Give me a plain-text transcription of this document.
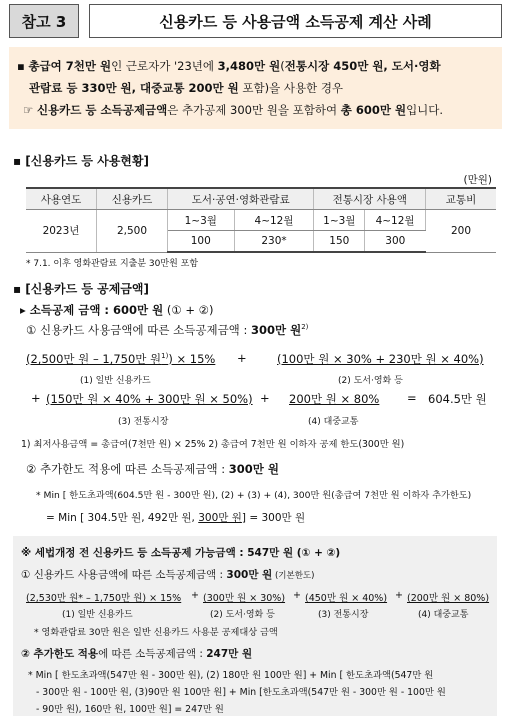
참고 3	신용카드 등 사용금액 소득공제 계산 사례
▪ 총급여 7천만 원인 근로자가 '23년에 3,480만 원(전통시장 450만 원, 도서·영화
관람료 등 330만 원, 대중교통 200만 원 포함)을 사용한 경우
☞ 신용카드 등 소득공제금액은 추가공제 300만 원을 포함하여 총 600만 원입니다.
▪ [신용카드 등 사용현황]
(만원)
사용연도	신용카드	도서·공연·영화관람료		전통시장 사용액		교통비
2023년	2,500	1~3월	4~12월	1~3월	4~12월	200
		100	230*	150	300	
* 7.1. 이후 영화관람료 지출분 30만원 포함
▪ [신용카드 등 공제금액]
▸ 소득공제 금액 : 600만 원 (① + ②)
① 신용카드 사용금액에 따른 소득공제금액 : 300만 원$^{2)}$
(2,500만 원 – 1,750만 원$^{1)}$) × 15% +	(100만 원 × 30% + 230만 원 × 40%)
(1) 일반 신용카드	(2) 도서·영화 등
+ (150만 원 × 40% + 300만 원 × 50%) + 200만 원 × 80% = 604.5만 원
(3) 전통시장	(4) 대중교통
1) 최저사용금액 = 총급여(7천만 원) × 25% 2) 총급여 7천만 원 이하자 공제 한도(300만 원)
② 추가한도 적용에 따른 소득공제금액 : 300만 원
* Min [ 한도초과액(604.5만 원 - 300만 원), (2) + (3) + (4), 300만 원(총급여 7천만 원 이하자 추가한도)
= Min [ 304.5만 원, 492만 원, 300만 원] = 300만 원
※ 세법개정 전 신용카드 등 소득공제 가능금액 : 547만 원 (① + ②)
① 신용카드 사용금액에 따른 소득공제금액 : 300만 원 (기본한도)
(2,530만 원* – 1,750만 원) × 15% + (300만 원 × 30%) + (450만 원 × 40%) + (200만 원 × 80%)
(1) 일반 신용카드	(2) 도서·영화 등	(3) 전통시장	(4) 대중교통
* 영화관람료 30만 원은 일반 신용카드 사용분 공제대상 금액
② 추가한도 적용에 따른 소득공제금액 : 247만 원
* Min [ 한도초과액(547만 원 - 300만 원), (2) 180만 원 100만 원] + Min [ 한도초과액(547만 원
- 300만 원 - 100만 원, (3)90만 원 100만 원] + Min [한도초과액(547만 원 - 300만 원 - 100만 원
- 90만 원), 160만 원, 100만 원] = 247만 원
